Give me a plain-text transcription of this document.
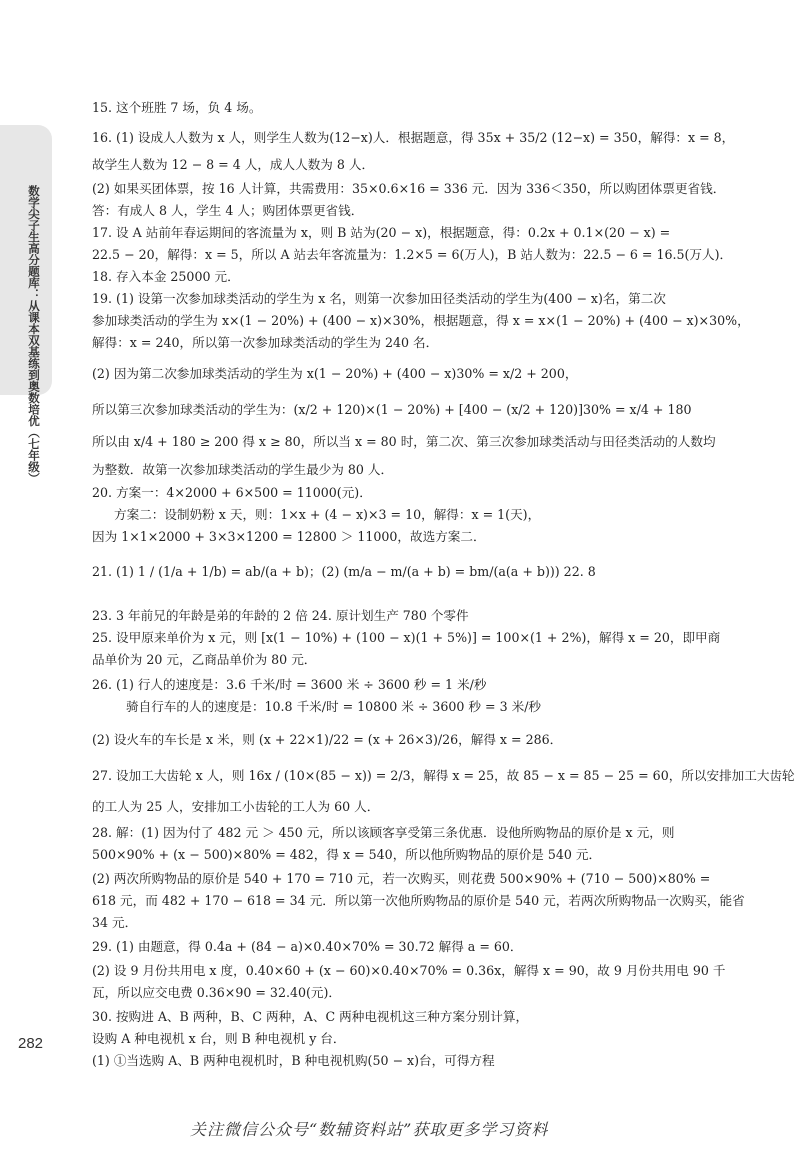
数学尖子生高分题库：从课本双基练到奥数培优（七年级）
282
15. 这个班胜 7 场，负 4 场。
16. (1) 设成人人数为 x 人，则学生人数为(12−x)人．根据题意，得 35x + 35/2 (12−x) = 350，解得：x = 8，
故学生人数为 12 − 8 = 4 人，成人人数为 8 人．
(2) 如果买团体票，按 16 人计算，共需费用：35×0.6×16 = 336 元．因为 336＜350，所以购团体票更省钱．
答：有成人 8 人，学生 4 人；购团体票更省钱．
17. 设 A 站前年春运期间的客流量为 x，则 B 站为(20 − x)，根据题意，得：0.2x + 0.1×(20 − x) =
22.5 − 20，解得：x = 5，所以 A 站去年客流量为：1.2×5 = 6(万人)，B 站人数为：22.5 − 6 = 16.5(万人)．
18. 存入本金 25000 元．
19. (1) 设第一次参加球类活动的学生为 x 名，则第一次参加田径类活动的学生为(400 − x)名，第二次
参加球类活动的学生为 x×(1 − 20%) + (400 − x)×30%，根据题意，得 x = x×(1 − 20%) + (400 − x)×30%，
解得：x = 240，所以第一次参加球类活动的学生为 240 名．
(2) 因为第二次参加球类活动的学生为 x(1 − 20%) + (400 − x)30% = x/2 + 200，
所以第三次参加球类活动的学生为：(x/2 + 120)×(1 − 20%) + [400 − (x/2 + 120)]30% = x/4 + 180
所以由 x/4 + 180 ≥ 200 得 x ≥ 80，所以当 x = 80 时，第二次、第三次参加球类活动与田径类活动的人数均
为整数．故第一次参加球类活动的学生最少为 80 人．
20. 方案一：4×2000 + 6×500 = 11000(元)．
方案二：设制奶粉 x 天，则：1×x + (4 − x)×3 = 10，解得：x = 1(天)，
因为 1×1×2000 + 3×3×1200 = 12800 ＞ 11000，故选方案二．
21. (1) 1 / (1/a + 1/b) = ab/(a + b)；(2) (m/a − m/(a + b) = bm/(a(a + b))) 22. 8
23. 3 年前兄的年龄是弟的年龄的 2 倍 24. 原计划生产 780 个零件
25. 设甲原来单价为 x 元，则 [x(1 − 10%) + (100 − x)(1 + 5%)] = 100×(1 + 2%)，解得 x = 20，即甲商
品单价为 20 元，乙商品单价为 80 元．
26. (1) 行人的速度是：3.6 千米/时 = 3600 米 ÷ 3600 秒 = 1 米/秒
骑自行车的人的速度是：10.8 千米/时 = 10800 米 ÷ 3600 秒 = 3 米/秒
(2) 设火车的车长是 x 米，则 (x + 22×1)/22 = (x + 26×3)/26，解得 x = 286．
27. 设加工大齿轮 x 人，则 16x / (10×(85 − x)) = 2/3，解得 x = 25，故 85 − x = 85 − 25 = 60，所以安排加工大齿轮
的工人为 25 人，安排加工小齿轮的工人为 60 人．
28. 解：(1) 因为付了 482 元 ＞ 450 元，所以该顾客享受第三条优惠．设他所购物品的原价是 x 元，则
500×90% + (x − 500)×80% = 482，得 x = 540，所以他所购物品的原价是 540 元．
(2) 两次所购物品的原价是 540 + 170 = 710 元，若一次购买，则花费 500×90% + (710 − 500)×80% =
618 元，而 482 + 170 − 618 = 34 元．所以第一次他所购物品的原价是 540 元，若两次所购物品一次购买，能省
34 元．
29. (1) 由题意，得 0.4a + (84 − a)×0.40×70% = 30.72 解得 a = 60．
(2) 设 9 月份共用电 x 度，0.40×60 + (x − 60)×0.40×70% = 0.36x，解得 x = 90，故 9 月份共用电 90 千
瓦，所以应交电费 0.36×90 = 32.40(元)．
30. 按购进 A、B 两种，B、C 两种，A、C 两种电视机这三种方案分别计算，
设购 A 种电视机 x 台，则 B 种电视机 y 台．
(1) ①当选购 A、B 两种电视机时，B 种电视机购(50 − x)台，可得方程
关注微信公众号“数辅资料站”获取更多学习资料
